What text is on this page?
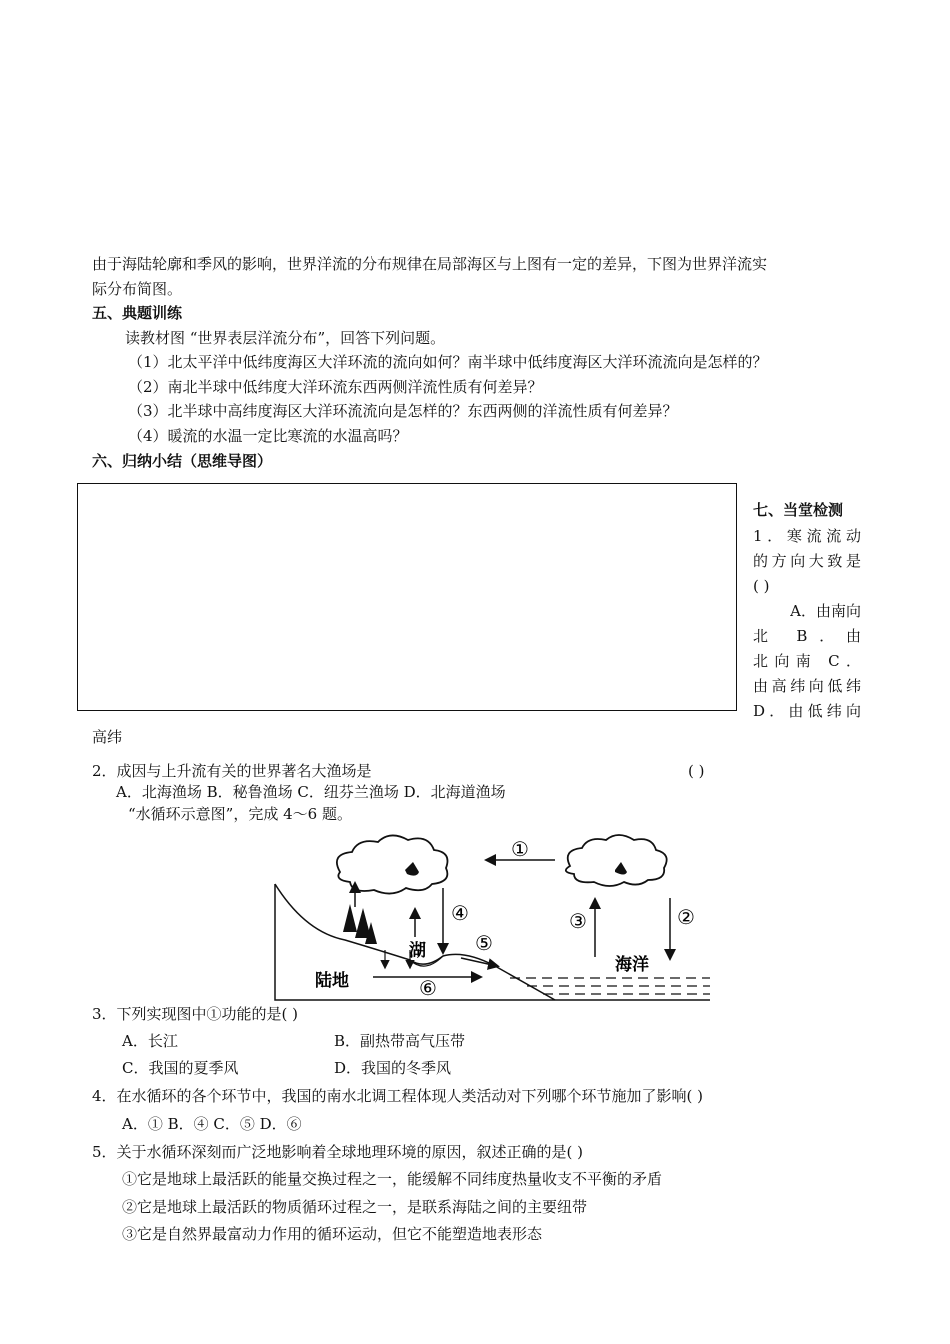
由于海陆轮廓和季风的影响，世界洋流的分布规律在局部海区与上图有一定的差异，下图为世界洋流实
际分布简图。
五、典题训练
读教材图 “世界表层洋流分布”，回答下列问题。
（1）北太平洋中低纬度海区大洋环流的流向如何？南半球中低纬度海区大洋环流流向是怎样的？
（2）南北半球中低纬度大洋环流东西两侧洋流性质有何差异？
（3）北半球中高纬度海区大洋环流流向是怎样的？东西两侧的洋流性质有何差异？
（4）暖流的水温一定比寒流的水温高吗？
六、归纳小结（思维导图）
七、当堂检测
1．寒流流动
的方向大致是
( )
A．由南向
北 B．由
北向南 C．
由高纬向低纬
D．由低纬向
高纬
2．成因与上升流有关的世界著名大渔场是	( )
A．北海渔场 B．秘鲁渔场 C．纽芬兰渔场 D．北海道渔场
“水循环示意图”，完成 4～6 题。
①
湖
海洋
陆地
④
⑤
⑥
③	②
3．下列实现图中①功能的是( )
A．长江	B．副热带高气压带
C．我国的夏季风	D．我国的冬季风
4．在水循环的各个环节中，我国的南水北调工程体现人类活动对下列哪个环节施加了影响( )
A．① B．④ C．⑤ D．⑥
5．关于水循环深刻而广泛地影响着全球地理环境的原因，叙述正确的是( )
①它是地球上最活跃的能量交换过程之一，能缓解不同纬度热量收支不平衡的矛盾
②它是地球上最活跃的物质循环过程之一，是联系海陆之间的主要纽带
③它是自然界最富动力作用的循环运动，但它不能塑造地表形态
